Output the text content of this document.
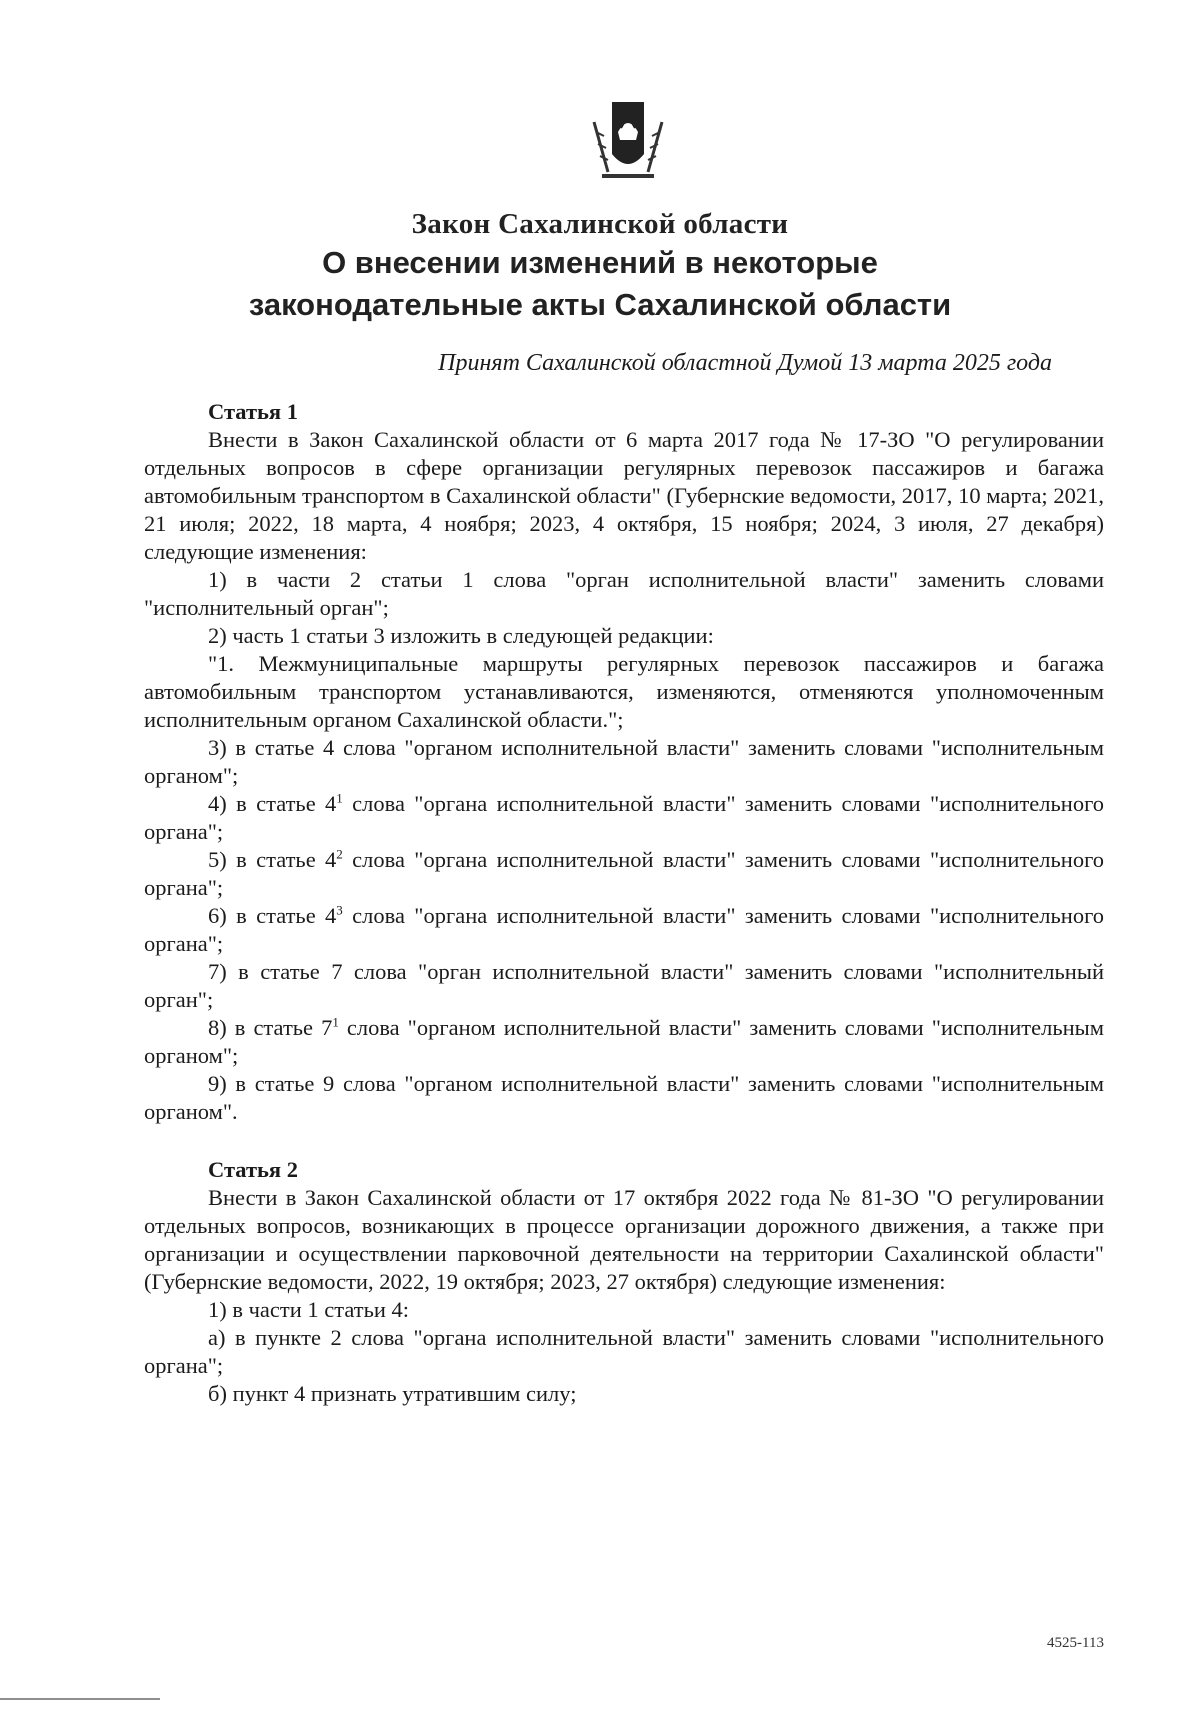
Закон Сахалинской области
О внесении изменений в некоторые
законодательные акты Сахалинской области
Принят Сахалинской областной Думой 13 марта 2025 года

Статья 1

Внести в Закон Сахалинской области от 6 марта 2017 года № 17-ЗО "О регулировании отдельных вопросов в сфере организации регулярных перевозок пассажиров и багажа автомобильным транспортом в Сахалинской области" (Губернские ведомости, 2017, 10 марта; 2021, 21 июля; 2022, 18 марта, 4 ноября; 2023, 4 октября, 15 ноября; 2024, 3 июля, 27 декабря) следующие изменения:

1) в части 2 статьи 1 слова "орган исполнительной власти" заменить словами "исполнительный орган";

2) часть 1 статьи 3 изложить в следующей редакции:

"1. Межмуниципальные маршруты регулярных перевозок пассажиров и багажа автомобильным транспортом устанавливаются, изменяются, отменяются уполномоченным исполнительным органом Сахалинской области.";

3) в статье 4 слова "органом исполнительной власти" заменить словами "исполнительным органом";

4) в статье $4^1$ слова "органа исполнительной власти" заменить словами "исполнительного органа";

5) в статье $4^2$ слова "органа исполнительной власти" заменить словами "исполнительного органа";

6) в статье $4^3$ слова "органа исполнительной власти" заменить словами "исполнительного органа";

7) в статье 7 слова "орган исполнительной власти" заменить словами "исполнительный орган";

8) в статье $7^1$ слова "органом исполнительной власти" заменить словами "исполнительным органом";

9) в статье 9 слова "органом исполнительной власти" заменить словами "исполнительным органом".

Статья 2

Внести в Закон Сахалинской области от 17 октября 2022 года № 81-ЗО "О регулировании отдельных вопросов, возникающих в процессе организации дорожного движения, а также при организации и осуществлении парковочной деятельности на территории Сахалинской области" (Губернские ведомости, 2022, 19 октября; 2023, 27 октября) следующие изменения:

1) в части 1 статьи 4:

а) в пункте 2 слова "органа исполнительной власти" заменить словами "исполнительного органа";

б) пункт 4 признать утратившим силу;

4525-113
